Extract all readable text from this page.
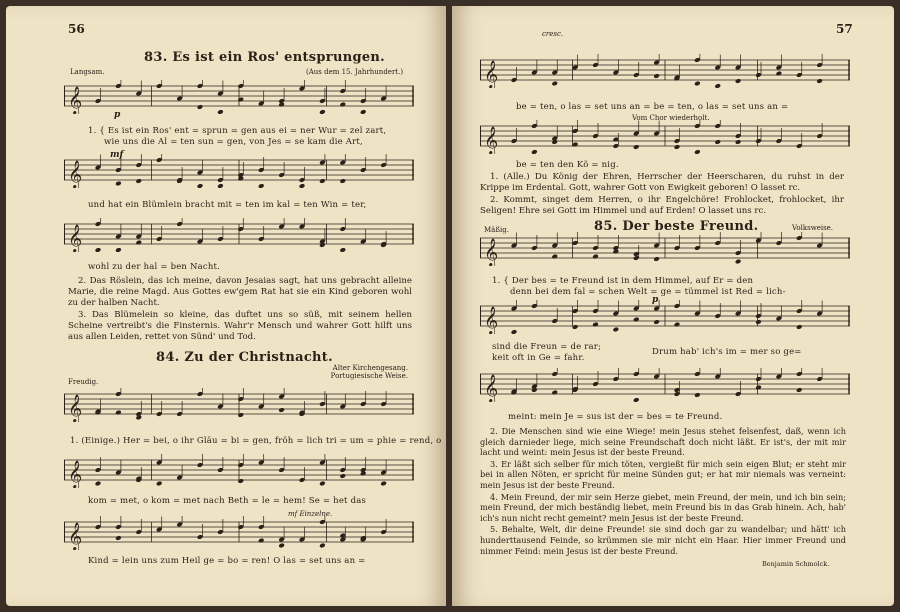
56
83. Es ist ein Ros' entsprungen.
Langsam.	(Aus dem 15. Jahrhundert.)
𝄞
p
1. { Es ist ein Ros' ent = sprun = gen aus ei = ner Wur = zel zart,
wie uns die Al = ten sun = gen, von Jes = se kam die Art,
mf
𝄞
und hat ein Blümlein bracht mit = ten im kal = ten Win = ter,
𝄞
wohl zu der hal = ben Nacht.

2. Das Röslein, das ich meine, davon Jesaias sagt, hat uns gebracht alleine Marie, die reine Magd. Aus Gottes ew'gem Rat hat sie ein Kind geboren wohl zu der halben Nacht.

3. Das Blümelein so kleine, das duftet uns so süß, mit seinem hellen Scheine vertreibt's die Finsternis. Wahr'r Mensch und wahrer Gott hilft uns aus allen Leiden, rettet von Sünd' und Tod.

84. Zu der Christnacht.
Alter Kirchengesang.
Portugiesische Weise.
Freudig.
𝄞
1. (Einige.) Her = bei, o ihr Gläu = bi = gen, fröh = lich tri = um = phie = rend, o
𝄞
kom = met, o kom = met nach Beth = le = hem! Se = het das
mf Einzelne.
𝄞
Kind = lein uns zum Heil ge = bo = ren! O las = set uns an =
57
cresc.
𝄞
be = ten, o las = set uns an = be = ten, o las = set uns an =
Vom Chor wiederholt.
𝄞
be = ten den Kö = nig.

1. (Alle.) Du König der Ehren, Herrscher der Heerscharen, du ruhst in der Krippe im Erdental. Gott, wahrer Gott von Ewigkeit geboren! O lasset rc.

2. Kommt, singet dem Herren, o ihr Engelchöre! Frohlocket, frohlocket, ihr Seligen! Ehre sei Gott im Himmel und auf Erden! O lasset uns rc.

Mäßig.	85. Der beste Freund.	Volksweise.
𝄞
1. { Der bes = te Freund ist in dem Himmel, auf Er = den
denn bei dem fal = schen Welt = ge = tümmel ist Red = lich-
p
𝄞
sind die Freun = de rar;
keit oft in Ge = fahr.
Drum hab' ich's im = mer so ge=
𝄞
meint: mein Je = sus ist der = bes = te Freund.

2. Die Menschen sind wie eine Wiege! mein Jesus stehet felsenfest, daß, wenn ich gleich darnieder liege, mich seine Freundschaft doch nicht läßt. Er ist's, der mit mir lacht und weint: mein Jesus ist der beste Freund.

3. Er läßt sich selber für mich töten, vergießt für mich sein eigen Blut; er steht mir bei in allen Nöten, er spricht für meine Sünden gut; er hat mir niemals was verneint: mein Jesus ist der beste Freund.

4. Mein Freund, der mir sein Herze giebet, mein Freund, der mein, und ich bin sein; mein Freund, der mich beständig liebet, mein Freund bis in das Grab hinein. Ach, hab' ich's nun nicht recht gemeint? mein Jesus ist der beste Freund.

5. Behalte, Welt, dir deine Freunde! sie sind doch gar zu wandelbar; und hätt' ich hunderttausend Feinde, so krümmen sie mir nicht ein Haar. Hier immer Freund und nimmer Feind: mein Jesus ist der beste Freund.

Benjamin Schmolck.
